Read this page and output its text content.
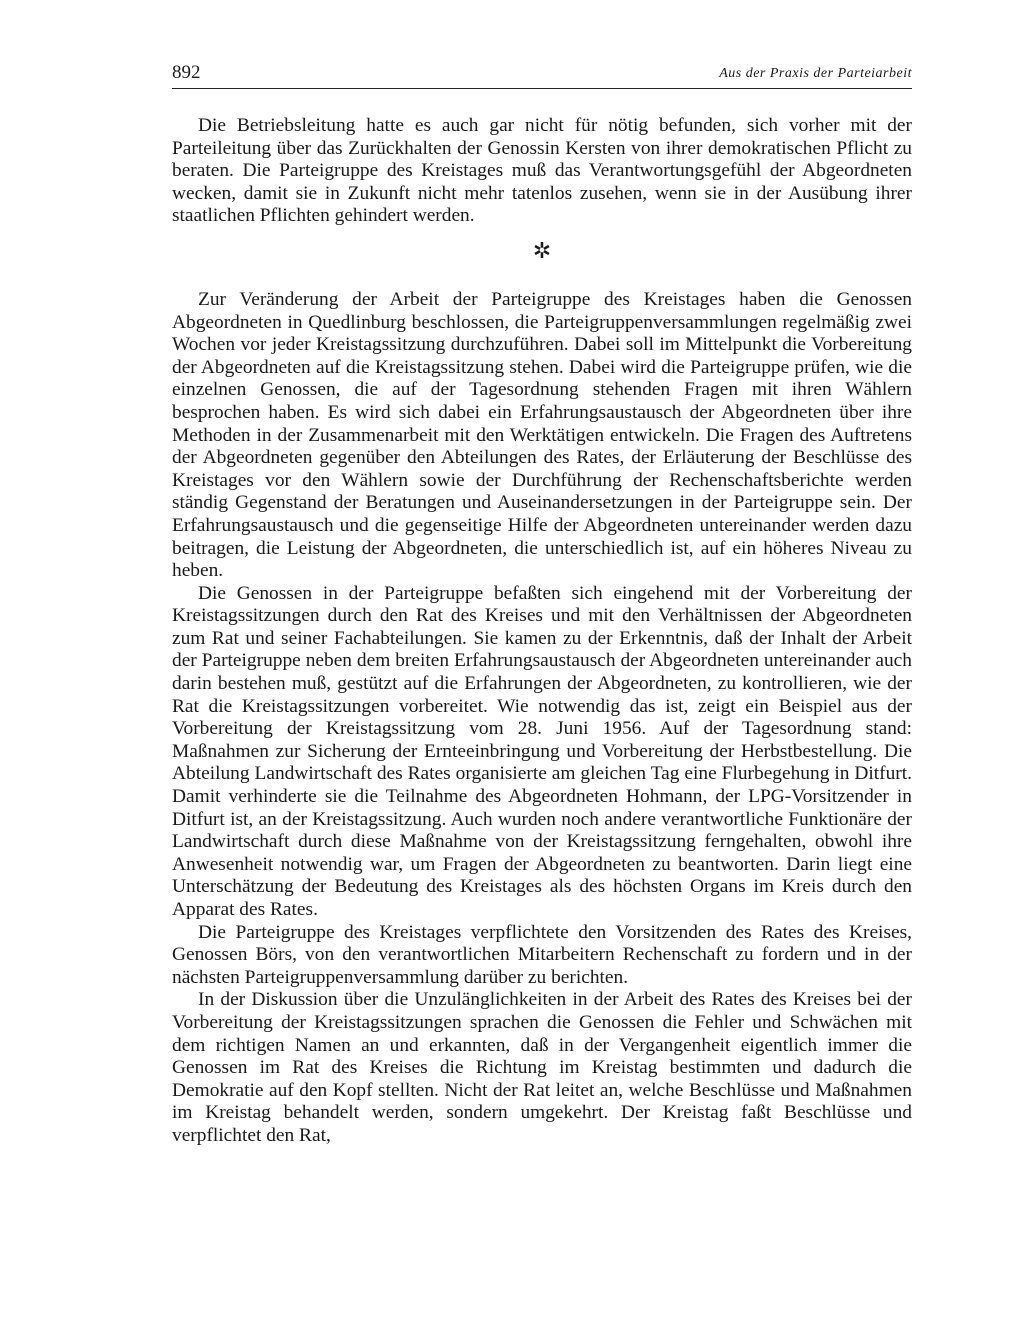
892	Aus der Praxis der Parteiarbeit

Die Betriebsleitung hatte es auch gar nicht für nötig befunden, sich vorher mit der Parteileitung über das Zurückhalten der Genossin Kersten von ihrer demokratischen Pflicht zu beraten. Die Parteigruppe des Kreistages muß das Verantwortungsgefühl der Abgeordneten wecken, damit sie in Zukunft nicht mehr tatenlos zusehen, wenn sie in der Ausübung ihrer staatlichen Pflichten gehindert werden.

✲

Zur Veränderung der Arbeit der Parteigruppe des Kreistages haben die Genossen Abgeordneten in Quedlinburg beschlossen, die Parteigruppenversammlungen regelmäßig zwei Wochen vor jeder Kreistagssitzung durchzuführen. Dabei soll im Mittelpunkt die Vorbereitung der Abgeordneten auf die Kreistagssitzung stehen. Dabei wird die Parteigruppe prüfen, wie die einzelnen Genossen, die auf der Tagesordnung stehenden Fragen mit ihren Wählern besprochen haben. Es wird sich dabei ein Erfahrungsaustausch der Abgeordneten über ihre Methoden in der Zusammenarbeit mit den Werktätigen entwickeln. Die Fragen des Auftretens der Abgeordneten gegenüber den Abteilungen des Rates, der Erläuterung der Beschlüsse des Kreistages vor den Wählern sowie der Durchführung der Rechenschaftsberichte werden ständig Gegenstand der Beratungen und Auseinandersetzungen in der Parteigruppe sein. Der Erfahrungsaustausch und die gegenseitige Hilfe der Abgeordneten untereinander werden dazu beitragen, die Leistung der Abgeordneten, die unterschiedlich ist, auf ein höheres Niveau zu heben.

Die Genossen in der Parteigruppe befaßten sich eingehend mit der Vorbereitung der Kreistagssitzungen durch den Rat des Kreises und mit den Verhältnissen der Abgeordneten zum Rat und seiner Fachabteilungen. Sie kamen zu der Erkenntnis, daß der Inhalt der Arbeit der Parteigruppe neben dem breiten Erfahrungsaustausch der Abgeordneten untereinander auch darin bestehen muß, gestützt auf die Erfahrungen der Abgeordneten, zu kontrollieren, wie der Rat die Kreistagssitzungen vorbereitet. Wie notwendig das ist, zeigt ein Beispiel aus der Vorbereitung der Kreistagssitzung vom 28. Juni 1956. Auf der Tagesordnung stand: Maßnahmen zur Sicherung der Ernteeinbringung und Vorbereitung der Herbstbestellung. Die Abteilung Landwirtschaft des Rates organisierte am gleichen Tag eine Flurbegehung in Ditfurt. Damit verhinderte sie die Teilnahme des Abgeordneten Hohmann, der LPG-Vorsitzender in Ditfurt ist, an der Kreistagssitzung. Auch wurden noch andere verantwortliche Funktionäre der Landwirtschaft durch diese Maßnahme von der Kreistagssitzung ferngehalten, obwohl ihre Anwesenheit notwendig war, um Fragen der Abgeordneten zu beantworten. Darin liegt eine Unterschätzung der Bedeutung des Kreistages als des höchsten Organs im Kreis durch den Apparat des Rates.

Die Parteigruppe des Kreistages verpflichtete den Vorsitzenden des Rates des Kreises, Genossen Börs, von den verantwortlichen Mitarbeitern Rechenschaft zu fordern und in der nächsten Parteigruppenversammlung darüber zu berichten.

In der Diskussion über die Unzulänglichkeiten in der Arbeit des Rates des Kreises bei der Vorbereitung der Kreistagssitzungen sprachen die Genossen die Fehler und Schwächen mit dem richtigen Namen an und erkannten, daß in der Vergangenheit eigentlich immer die Genossen im Rat des Kreises die Richtung im Kreistag bestimmten und dadurch die Demokratie auf den Kopf stellten. Nicht der Rat leitet an, welche Beschlüsse und Maßnahmen im Kreistag behandelt werden, sondern umgekehrt. Der Kreistag faßt Beschlüsse und verpflichtet den Rat,
